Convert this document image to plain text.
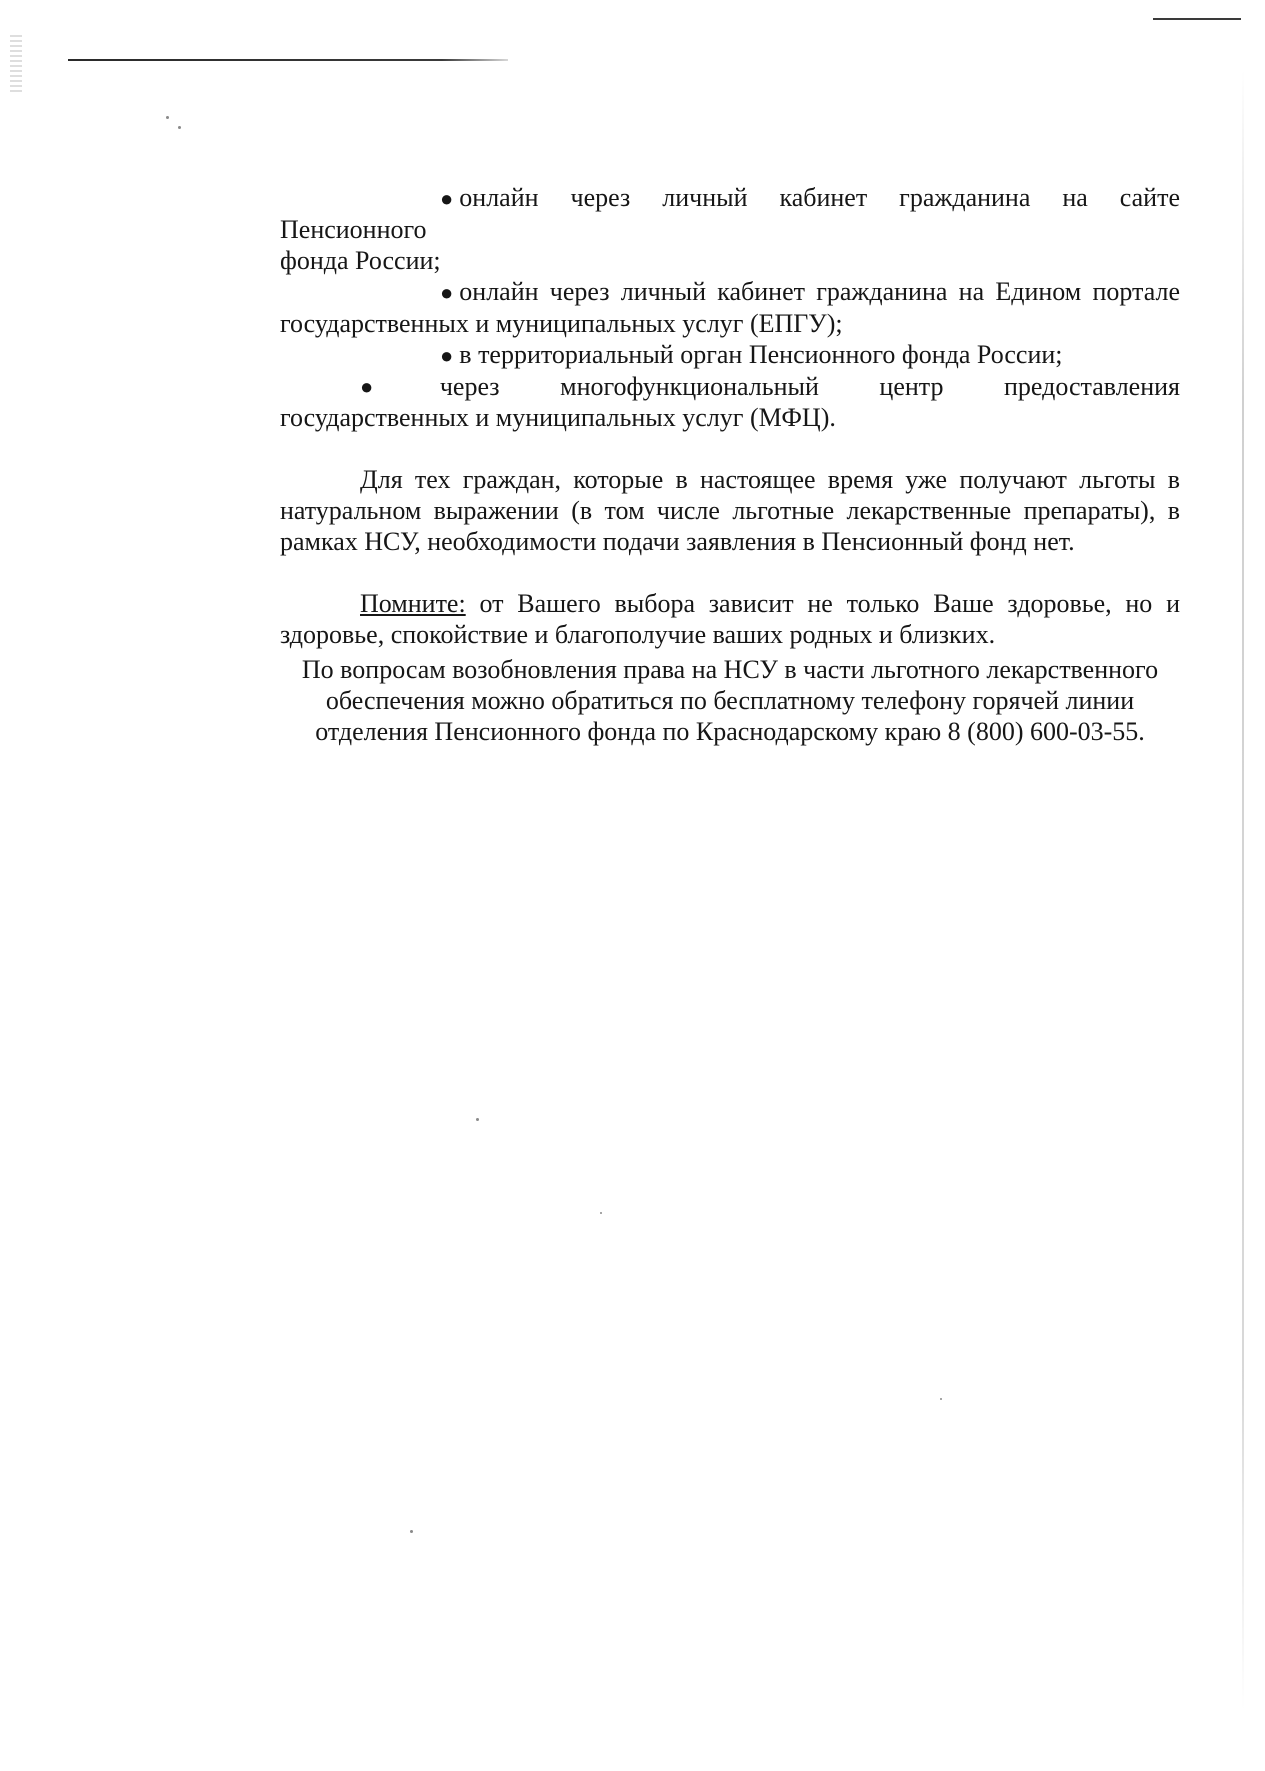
● онлайн через личный кабинет гражданина на сайте Пенсионного

фонда России;

● онлайн через личный кабинет гражданина на Едином портале

государственных и муниципальных услуг (ЕПГУ);

● в территориальный орган Пенсионного фонда России;

●	через многофункциональный центр предоставления

государственных и муниципальных услуг (МФЦ).

Для тех граждан, которые в настоящее время уже получают льготы в

натуральном выражении (в том числе льготные лекарственные препараты), в

рамках НСУ, необходимости подачи заявления в Пенсионный фонд нет.

Помните: от Вашего выбора зависит не только Ваше здоровье, но и

здоровье, спокойствие и благополучие ваших родных и близких.

По вопросам возобновления права на НСУ в части льготного лекарственного

обеспечения можно обратиться по бесплатному телефону горячей линии

отделения Пенсионного фонда по Краснодарскому краю 8 (800) 600-03-55.
